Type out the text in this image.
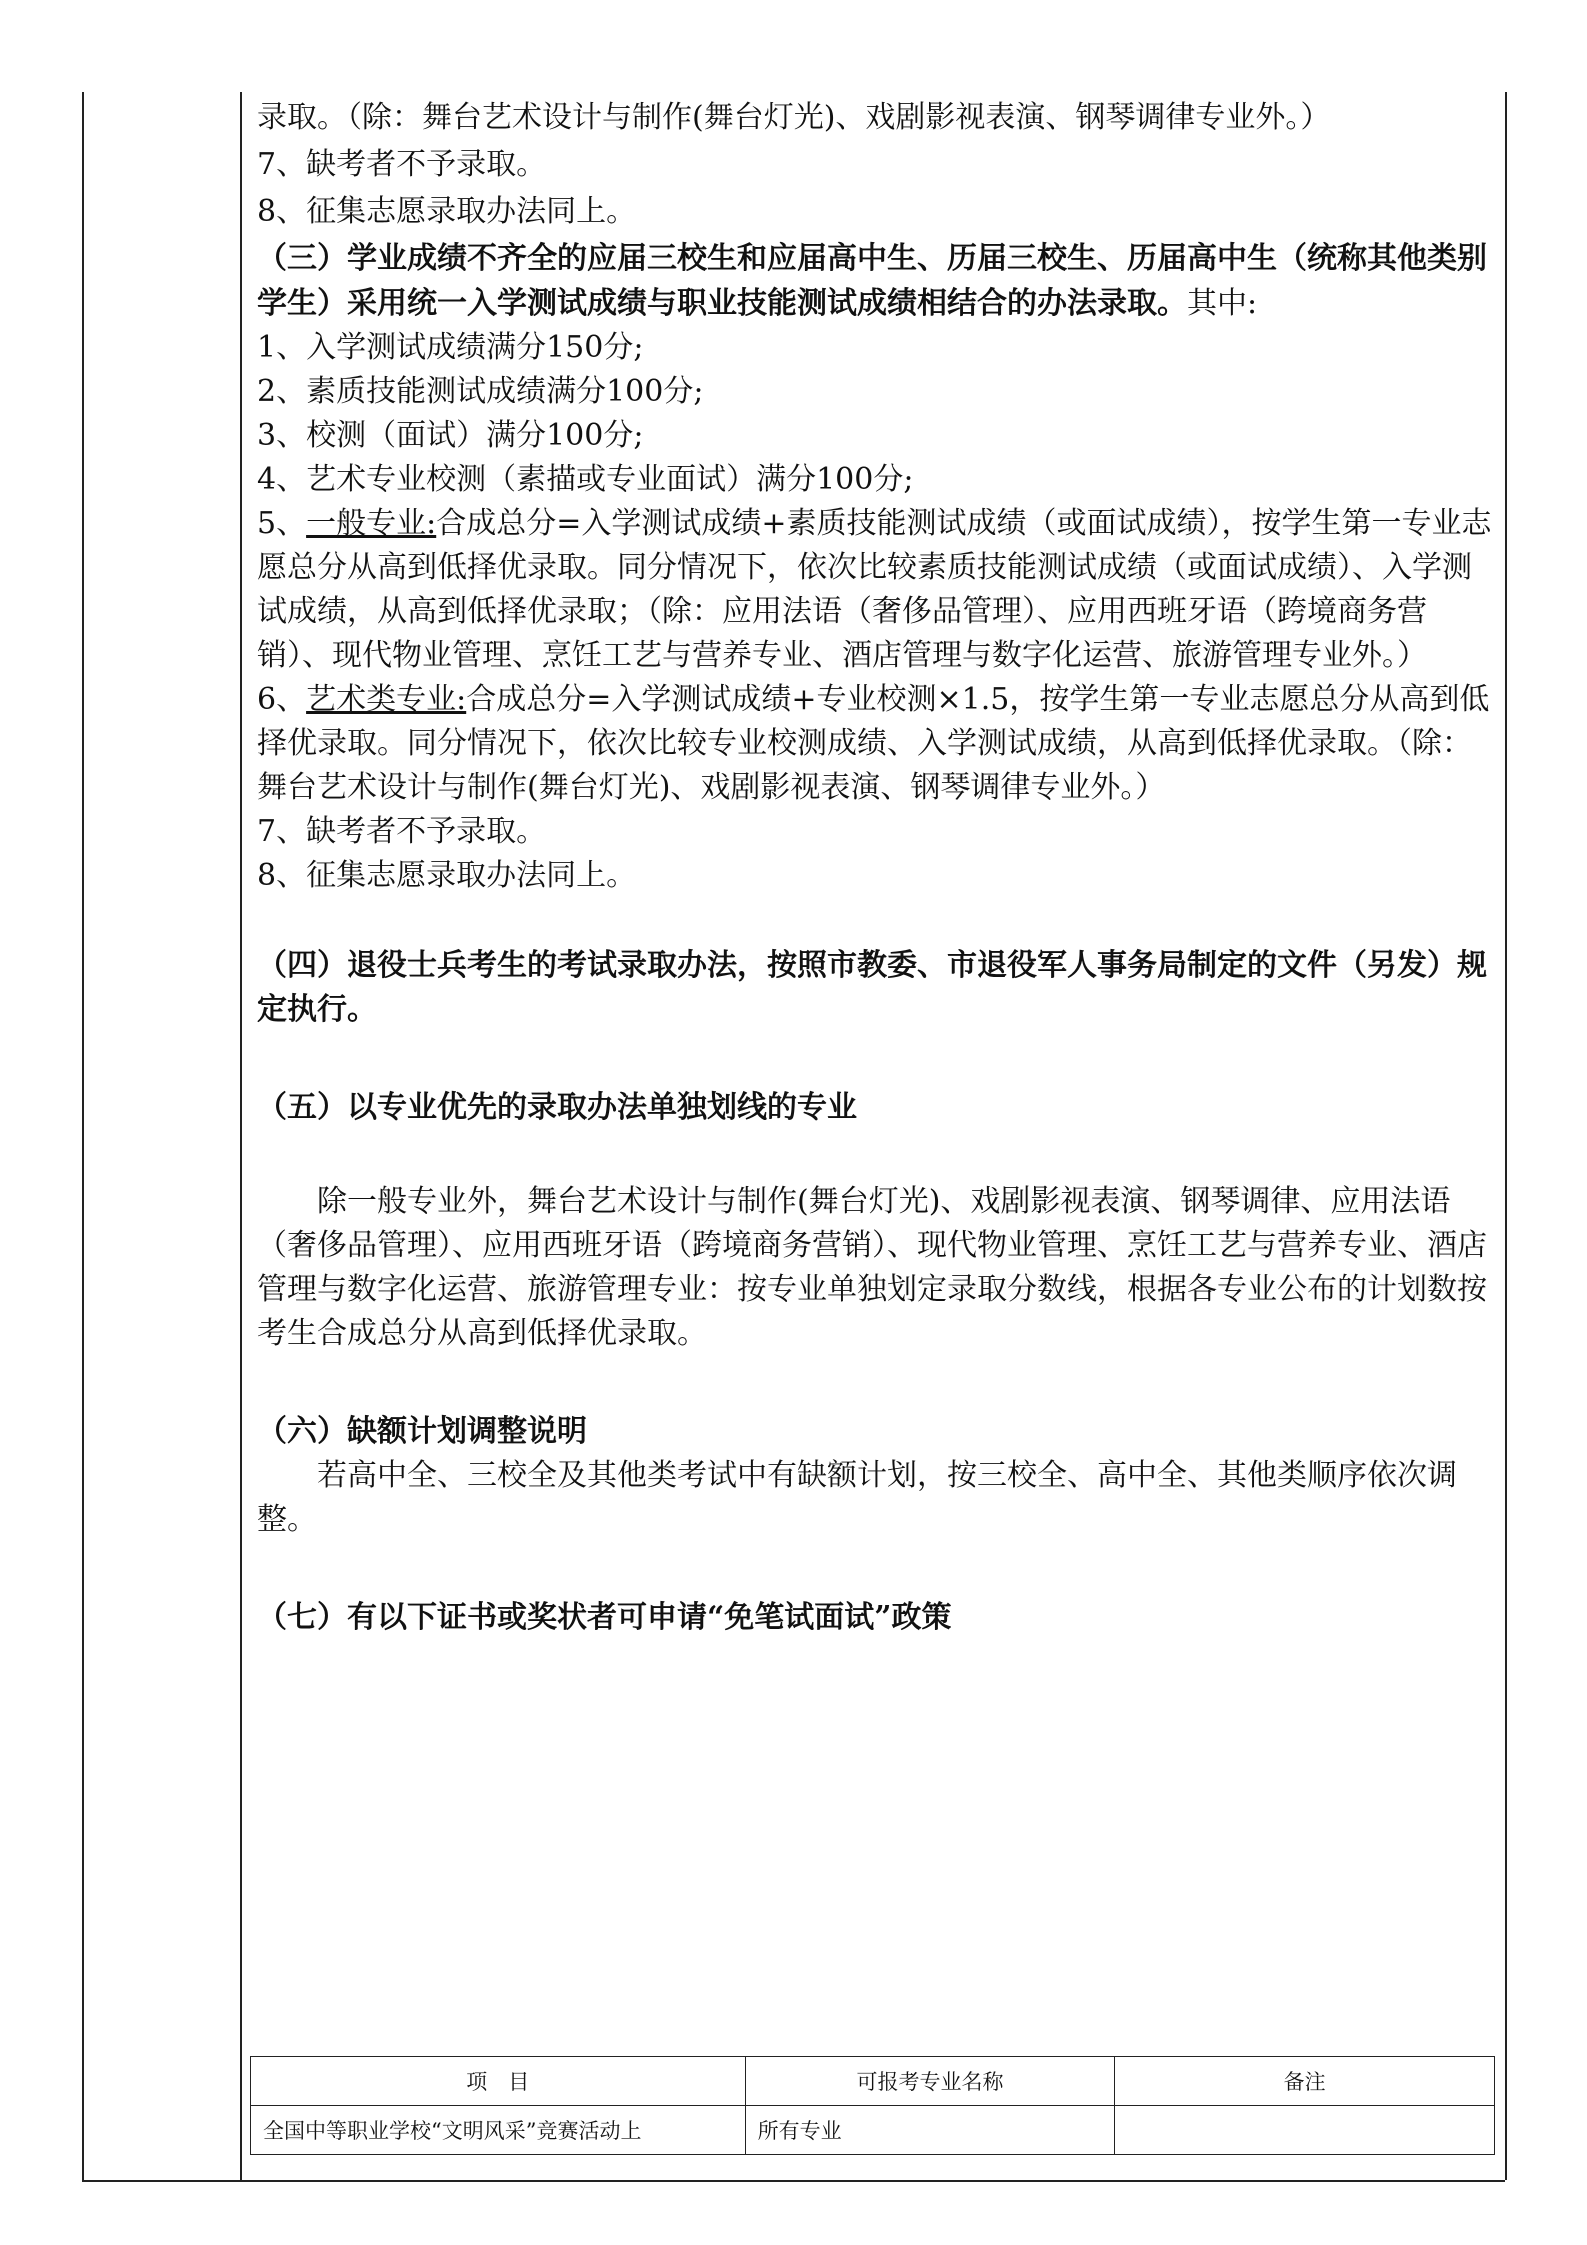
录取。（除：舞台艺术设计与制作(舞台灯光)、戏剧影视表演、钢琴调律专业外。）

7、缺考者不予录取。

8、征集志愿录取办法同上。

（三）学业成绩不齐全的应届三校生和应届高中生、历届三校生、历届高中生（统称其他类别学生）采用统一入学测试成绩与职业技能测试成绩相结合的办法录取。其中:

1、入学测试成绩满分150分;

2、素质技能测试成绩满分100分;

3、校测（面试）满分100分;

4、艺术专业校测（素描或专业面试）满分100分;

5、一般专业:合成总分=入学测试成绩+素质技能测试成绩（或面试成绩），按学生第一专业志愿总分从高到低择优录取。同分情况下，依次比较素质技能测试成绩（或面试成绩）、入学测试成绩，从高到低择优录取；（除：应用法语（奢侈品管理）、应用西班牙语（跨境商务营销）、现代物业管理、烹饪工艺与营养专业、酒店管理与数字化运营、旅游管理专业外。）

6、艺术类专业:合成总分=入学测试成绩+专业校测×1.5，按学生第一专业志愿总分从高到低择优录取。同分情况下，依次比较专业校测成绩、入学测试成绩，从高到低择优录取。（除：舞台艺术设计与制作(舞台灯光)、戏剧影视表演、钢琴调律专业外。）

7、缺考者不予录取。

8、征集志愿录取办法同上。

（四）退役士兵考生的考试录取办法，按照市教委、市退役军人事务局制定的文件（另发）规定执行。

（五）以专业优先的录取办法单独划线的专业

除一般专业外，舞台艺术设计与制作(舞台灯光)、戏剧影视表演、钢琴调律、应用法语（奢侈品管理）、应用西班牙语（跨境商务营销）、现代物业管理、烹饪工艺与营养专业、酒店管理与数字化运营、旅游管理专业：按专业单独划定录取分数线，根据各专业公布的计划数按考生合成总分从高到低择优录取。

（六）缺额计划调整说明

若高中全、三校全及其他类考试中有缺额计划，按三校全、高中全、其他类顺序依次调整。

（七）有以下证书或奖状者可申请“免笔试面试”政策

项　目	可报考专业名称	备注
全国中等职业学校“文明风采”竞赛活动上	所有专业	
